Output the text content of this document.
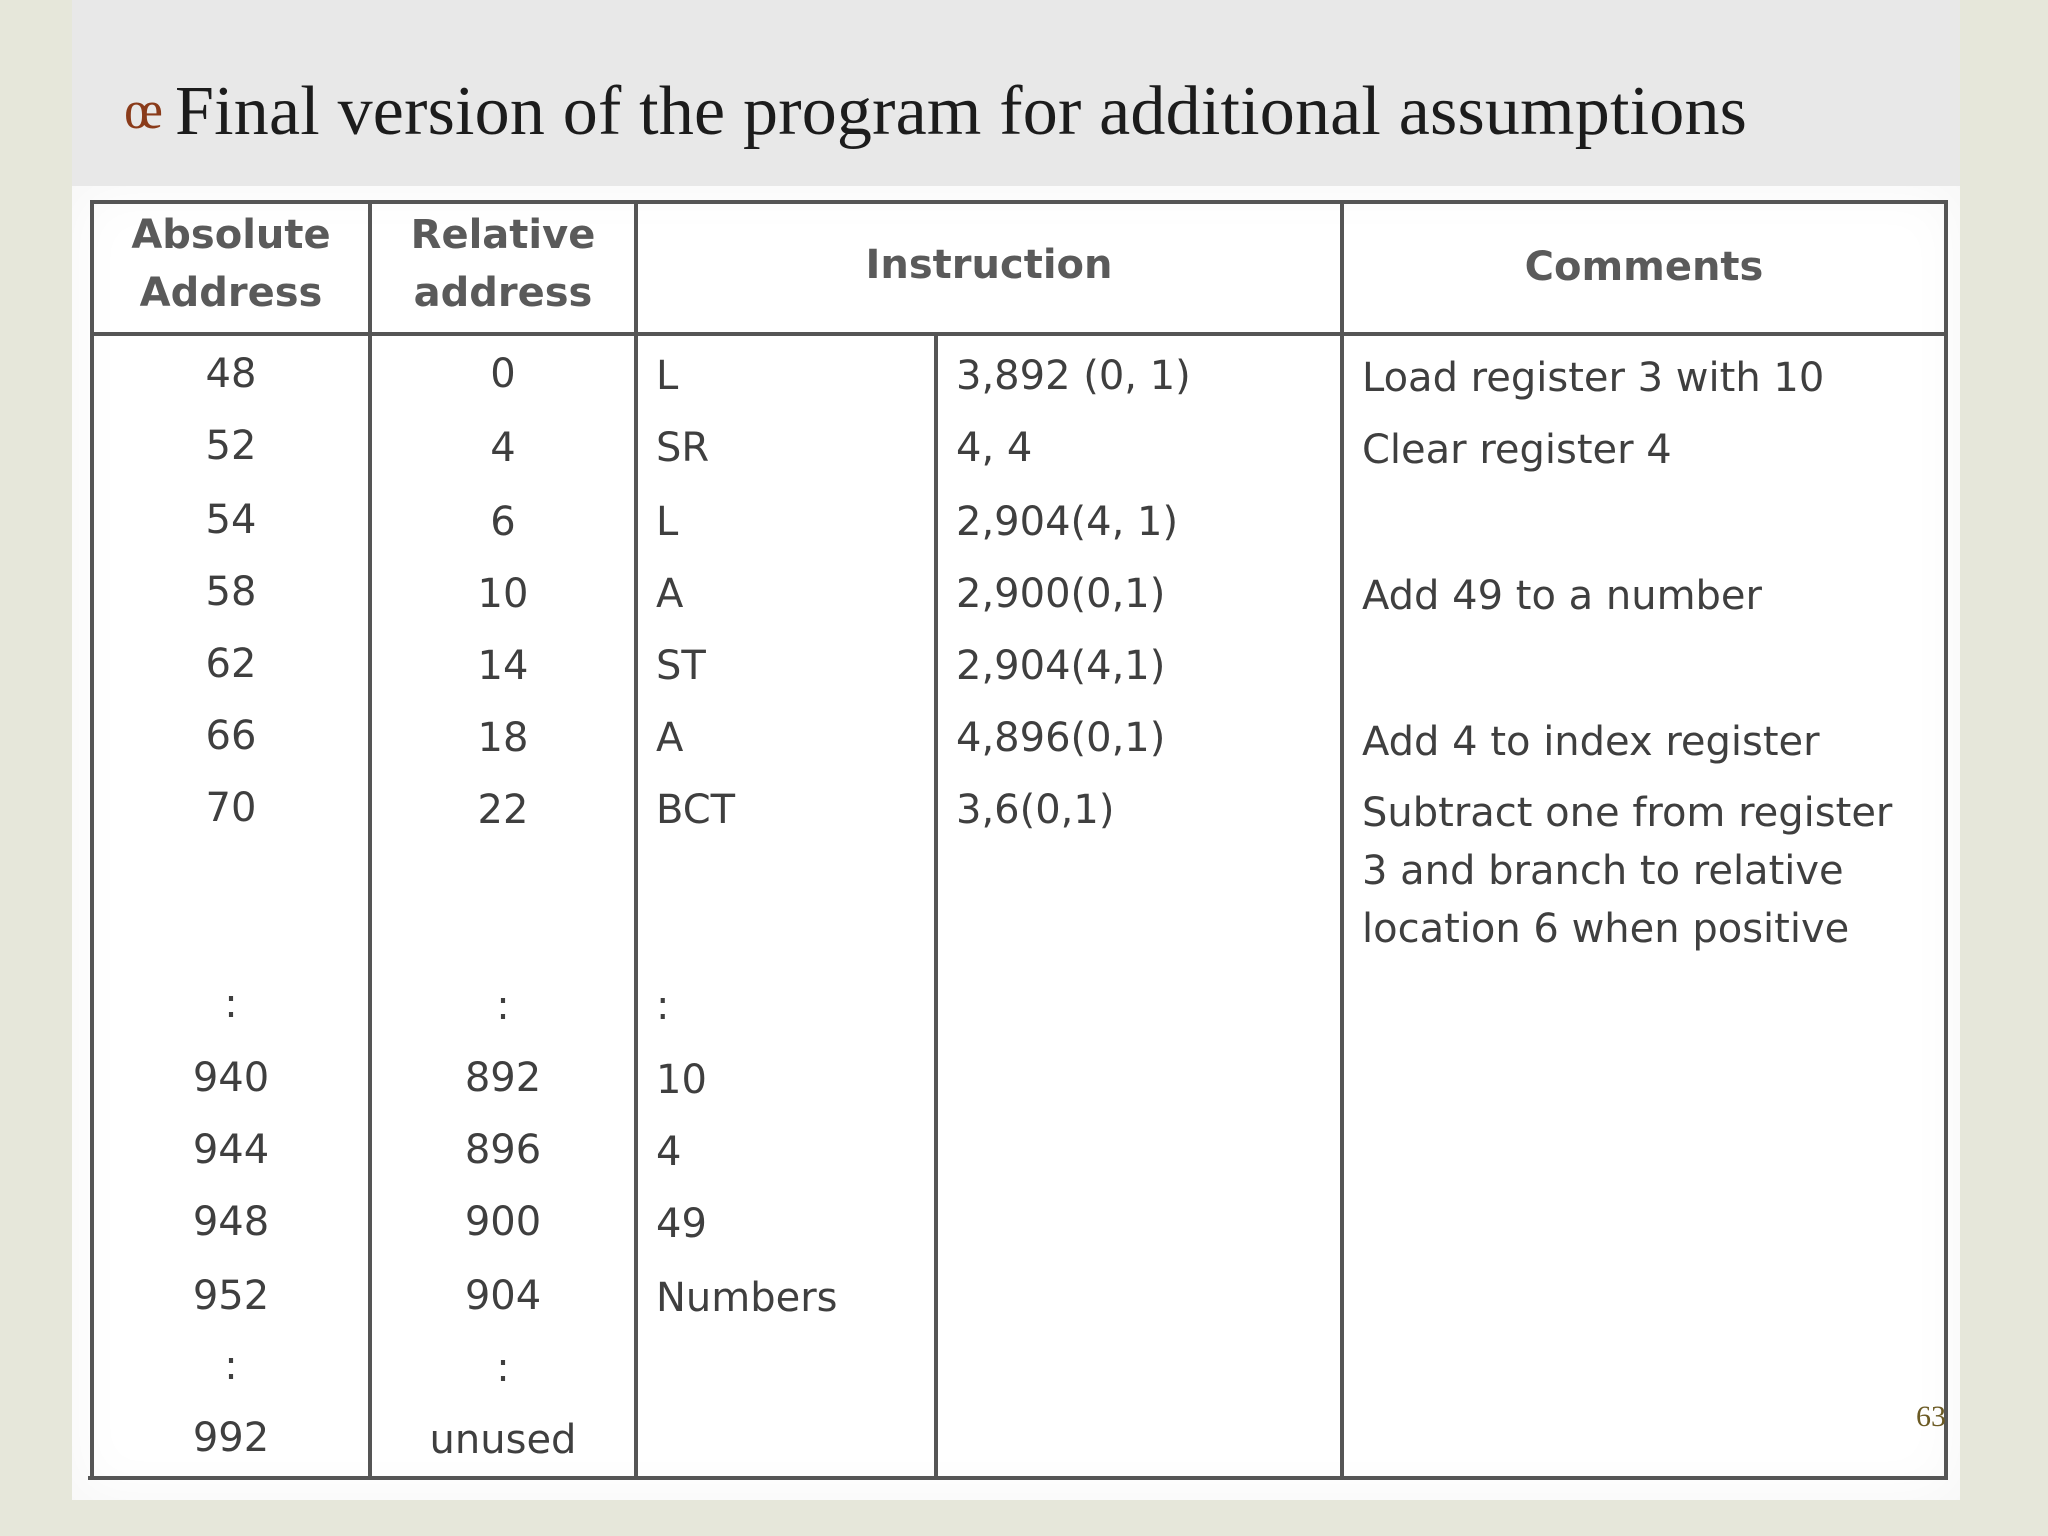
œ Final version of the program for additional assumptions
Absolute
Address
Relative
address
Instruction	Comments
48	0	L	3,892 (0, 1)	Load register 3 with 10
52	4	SR	4, 4	Clear register 4
54	6	L	2,904(4, 1)
58	10	A	2,900(0,1)	Add 49 to a number
62	14	ST	2,904(4,1)
66	18	A	4,896(0,1)	Add 4 to index register
70	22	BCT	3,6(0,1)	Subtract one from register
3 and branch to relative
location 6 when positive
:	:	:
940	892	10
944	896	4
948	900	49
952	904	Numbers
:	:
992	unused
63
